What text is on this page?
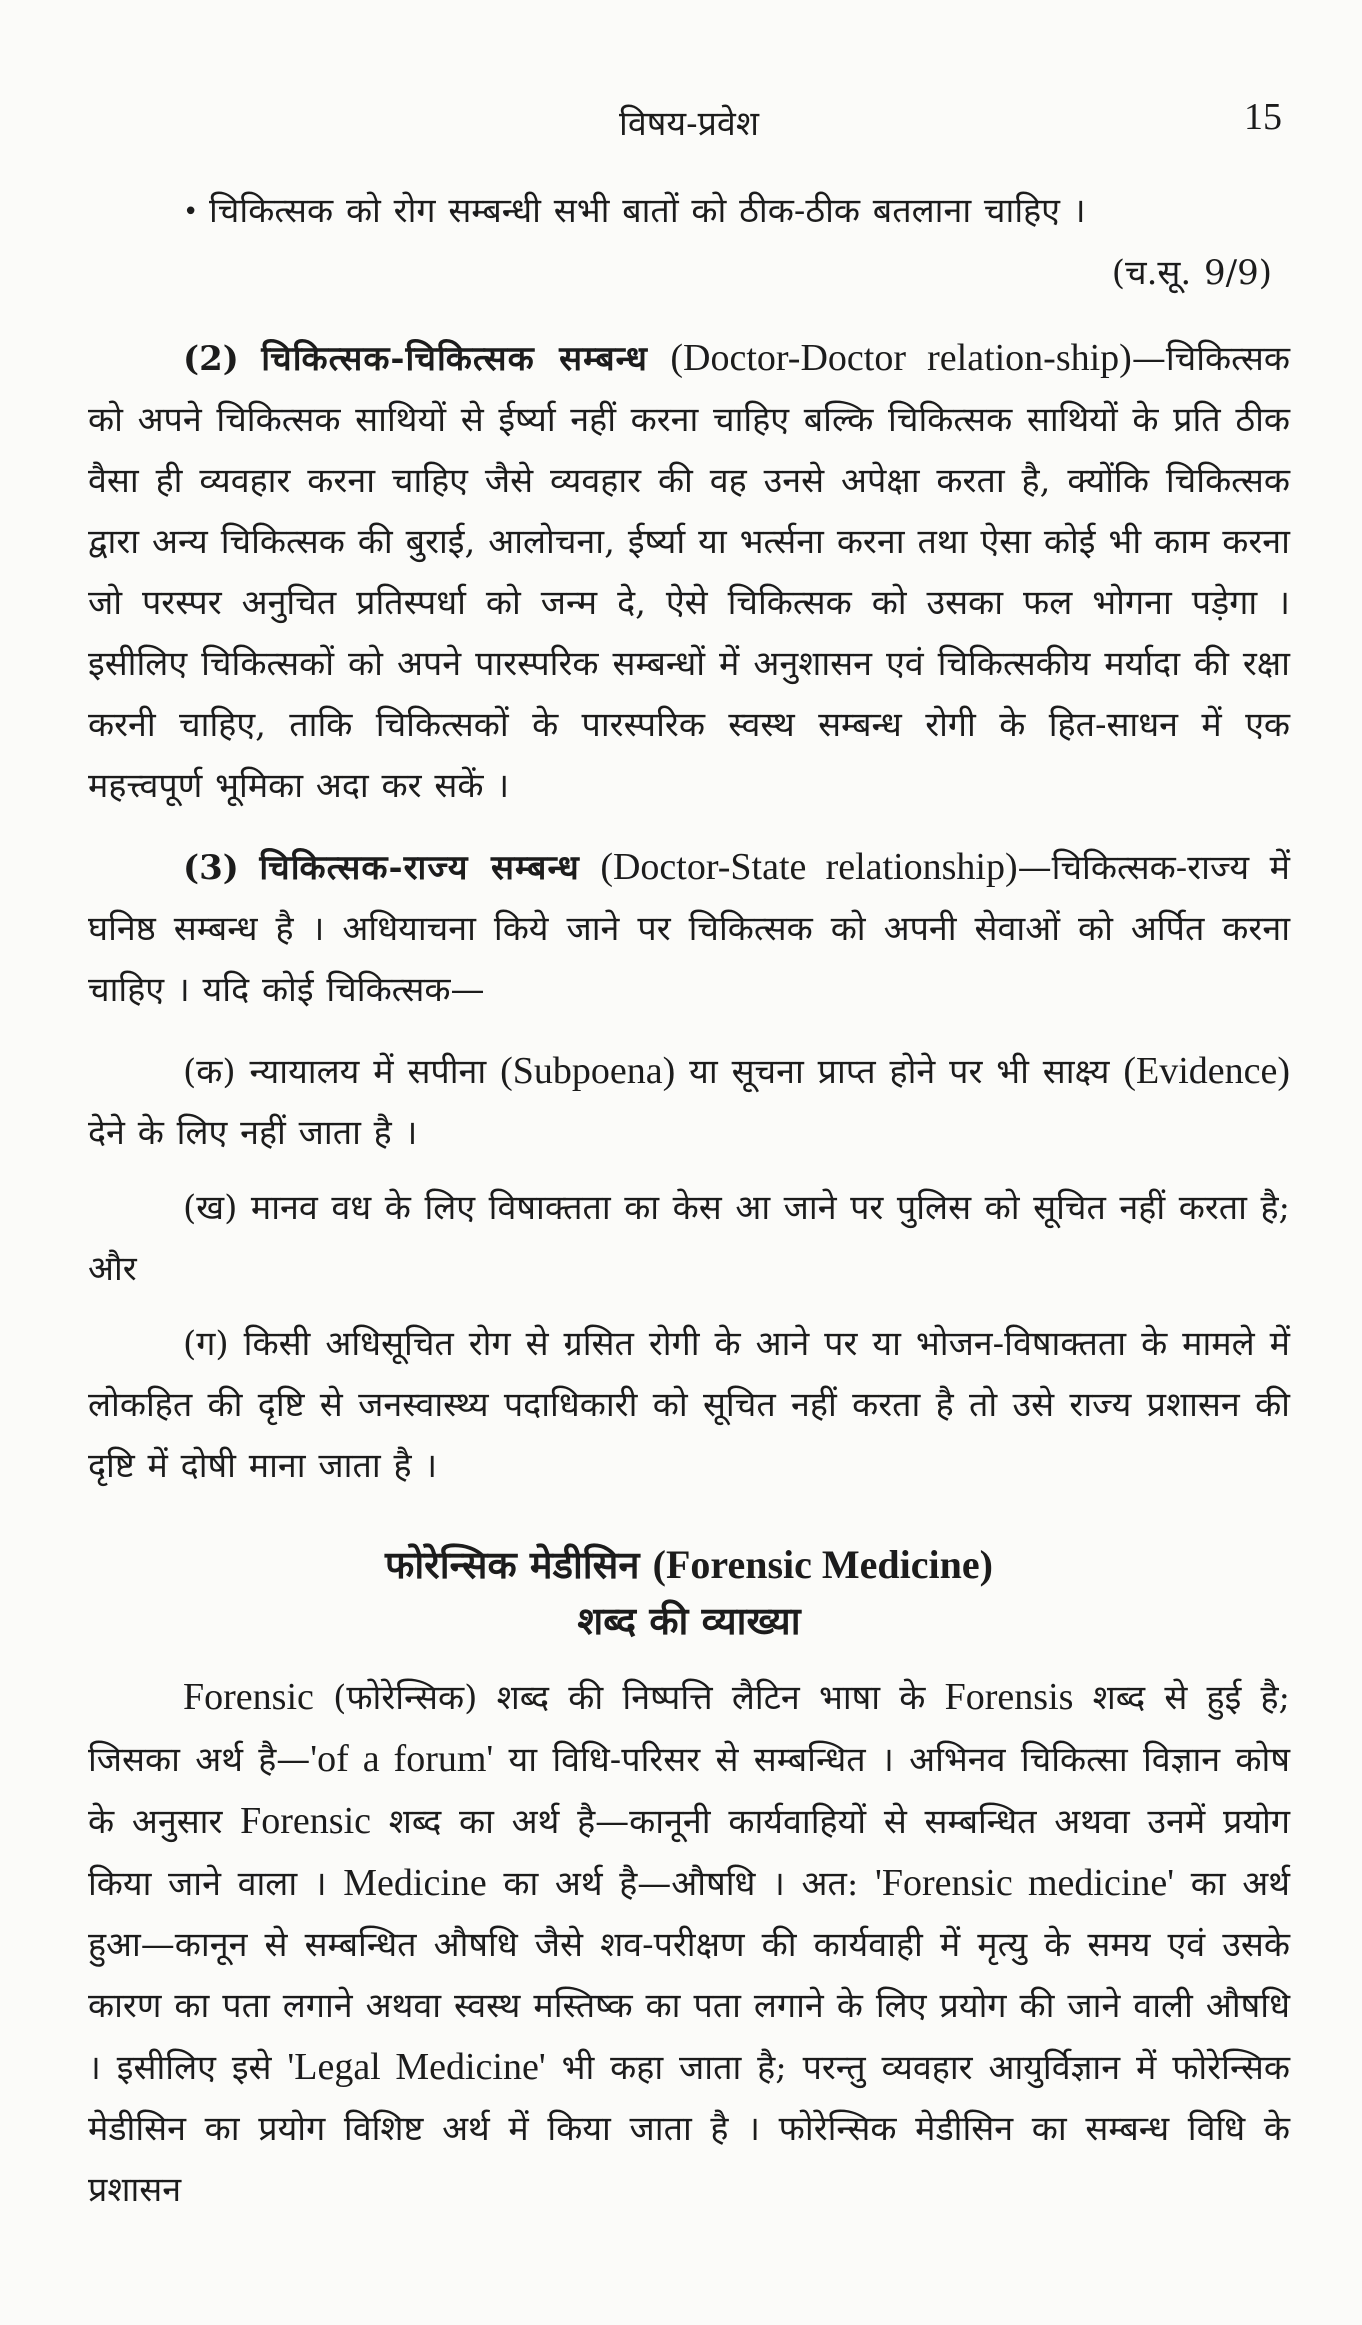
विषय-प्रवेश	15

• चिकित्सक को रोग सम्बन्धी सभी बातों को ठीक-ठीक बतलाना चाहिए ।

(च.सू. 9/9)

(2) चिकित्सक-चिकित्सक सम्बन्ध (Doctor-Doctor relation-ship)—चिकित्सक को अपने चिकित्सक साथियों से ईर्ष्या नहीं करना चाहिए बल्कि चिकित्सक साथियों के प्रति ठीक वैसा ही व्यवहार करना चाहिए जैसे व्यवहार की वह उनसे अपेक्षा करता है, क्योंकि चिकित्सक द्वारा अन्य चिकित्सक की बुराई, आलोचना, ईर्ष्या या भर्त्सना करना तथा ऐसा कोई भी काम करना जो परस्पर अनुचित प्रतिस्पर्धा को जन्म दे, ऐसे चिकित्सक को उसका फल भोगना पड़ेगा । इसीलिए चिकित्सकों को अपने पारस्परिक सम्बन्धों में अनुशासन एवं चिकित्सकीय मर्यादा की रक्षा करनी चाहिए, ताकि चिकित्सकों के पारस्परिक स्वस्थ सम्बन्ध रोगी के हित-साधन में एक महत्त्वपूर्ण भूमिका अदा कर सकें ।

(3) चिकित्सक-राज्य सम्बन्ध (Doctor-State relationship)—चिकित्सक-राज्य में घनिष्ठ सम्बन्ध है । अधियाचना किये जाने पर चिकित्सक को अपनी सेवाओं को अर्पित करना चाहिए । यदि कोई चिकित्सक—

(क) न्यायालय में सपीना (Subpoena) या सूचना प्राप्त होने पर भी साक्ष्य (Evidence) देने के लिए नहीं जाता है ।

(ख) मानव वध के लिए विषाक्तता का केस आ जाने पर पुलिस को सूचित नहीं करता है; और

(ग) किसी अधिसूचित रोग से ग्रसित रोगी के आने पर या भोजन-विषाक्तता के मामले में लोकहित की दृष्टि से जनस्वास्थ्य पदाधिकारी को सूचित नहीं करता है तो उसे राज्य प्रशासन की दृष्टि में दोषी माना जाता है ।

फोरेन्सिक मेडीसिन (Forensic Medicine)
शब्द की व्याख्या

Forensic (फोरेन्सिक) शब्द की निष्पत्ति लैटिन भाषा के Forensis शब्द से हुई है; जिसका अर्थ है—'of a forum' या विधि-परिसर से सम्बन्धित । अभिनव चिकित्सा विज्ञान कोष के अनुसार Forensic शब्द का अर्थ है—कानूनी कार्यवाहियों से सम्बन्धित अथवा उनमें प्रयोग किया जाने वाला । Medicine का अर्थ है—औषधि । अत: 'Forensic medicine' का अर्थ हुआ—कानून से सम्बन्धित औषधि जैसे शव-परीक्षण की कार्यवाही में मृत्यु के समय एवं उसके कारण का पता लगाने अथवा स्वस्थ मस्तिष्क का पता लगाने के लिए प्रयोग की जाने वाली औषधि । इसीलिए इसे 'Legal Medicine' भी कहा जाता है; परन्तु व्यवहार आयुर्विज्ञान में फोरेन्सिक मेडीसिन का प्रयोग विशिष्ट अर्थ में किया जाता है । फोरेन्सिक मेडीसिन का सम्बन्ध विधि के प्रशासन
